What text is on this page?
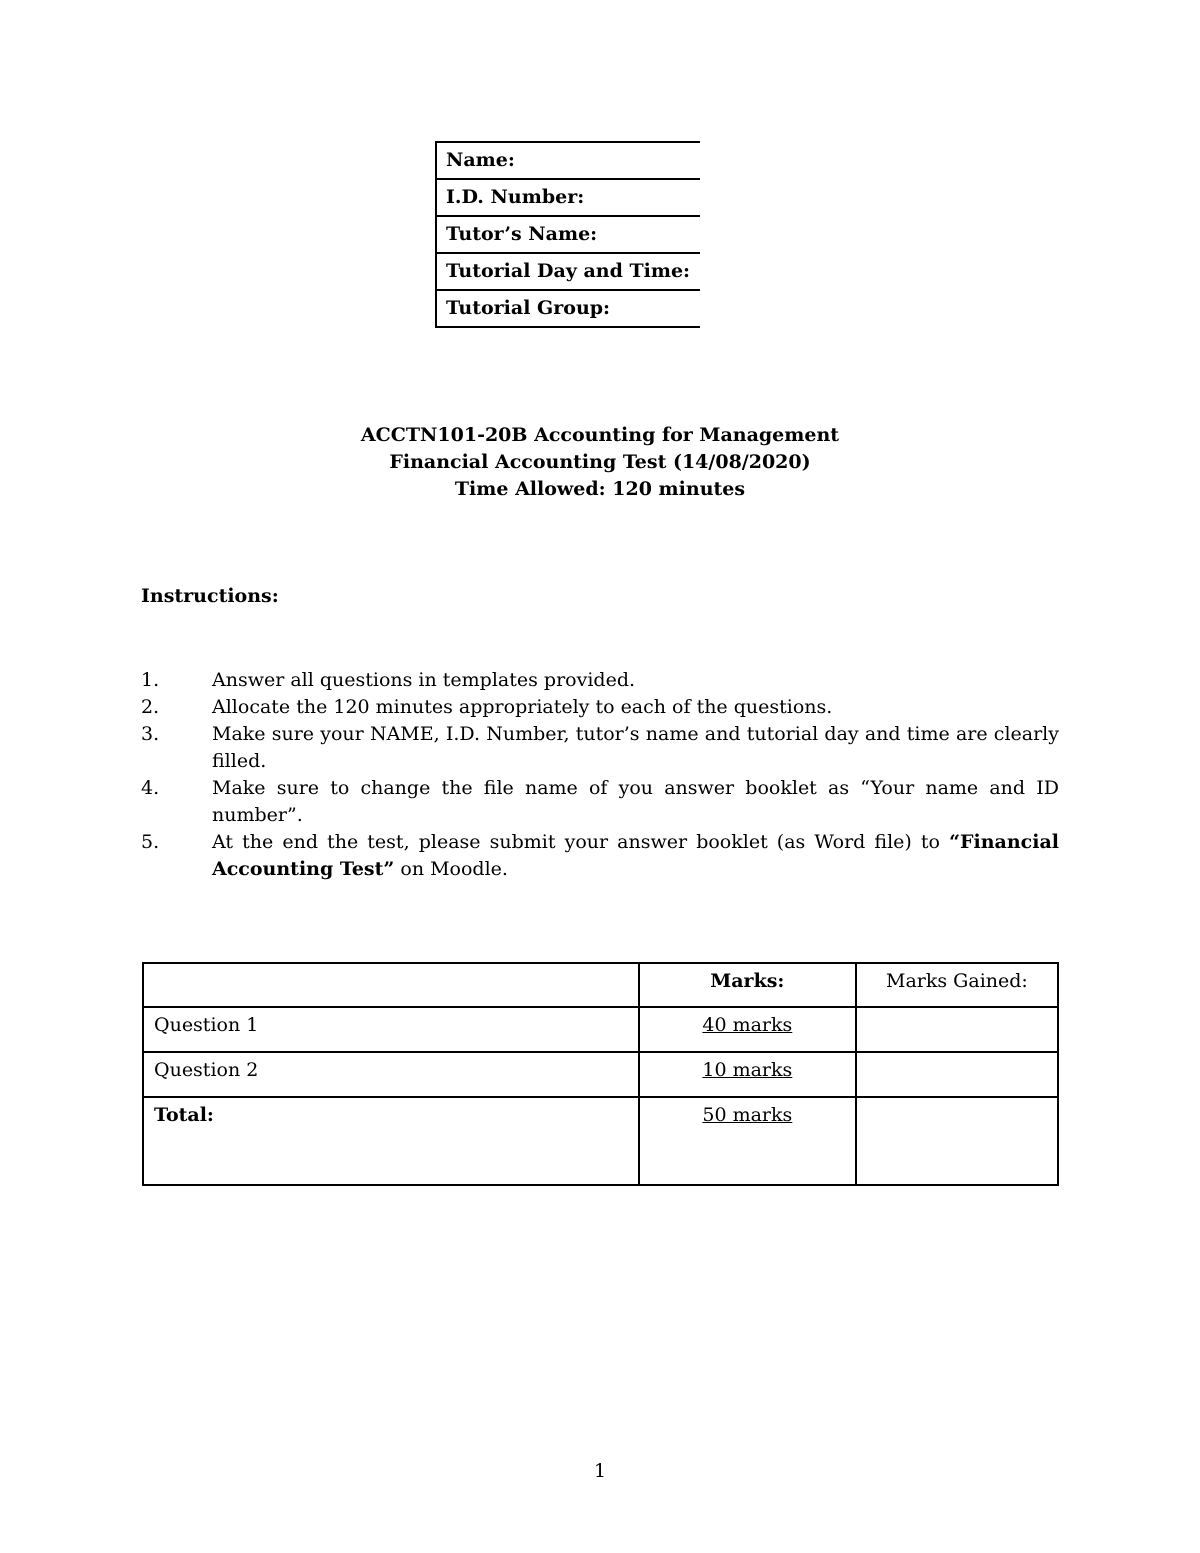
Name:
I.D. Number:
Tutor’s Name:
Tutorial Day and Time:
Tutorial Group:
ACCTN101-20B Accounting for Management
Financial Accounting Test (14/08/2020)
Time Allowed: 120 minutes
Instructions:
1.	Answer all questions in templates provided.
2.	Allocate the 120 minutes appropriately to each of the questions.
3.	Make sure your NAME, I.D. Number, tutor’s name and tutorial day and time are clearly filled.
4.	Make sure to change the file name of you answer booklet as “Your name and ID number”.
5.	At the end the test, please submit your answer booklet (as Word file) to “Financial Accounting Test” on Moodle.
	Marks:	Marks Gained:
Question 1	40 marks	
Question 2	10 marks	
Total:	50 marks	
1
